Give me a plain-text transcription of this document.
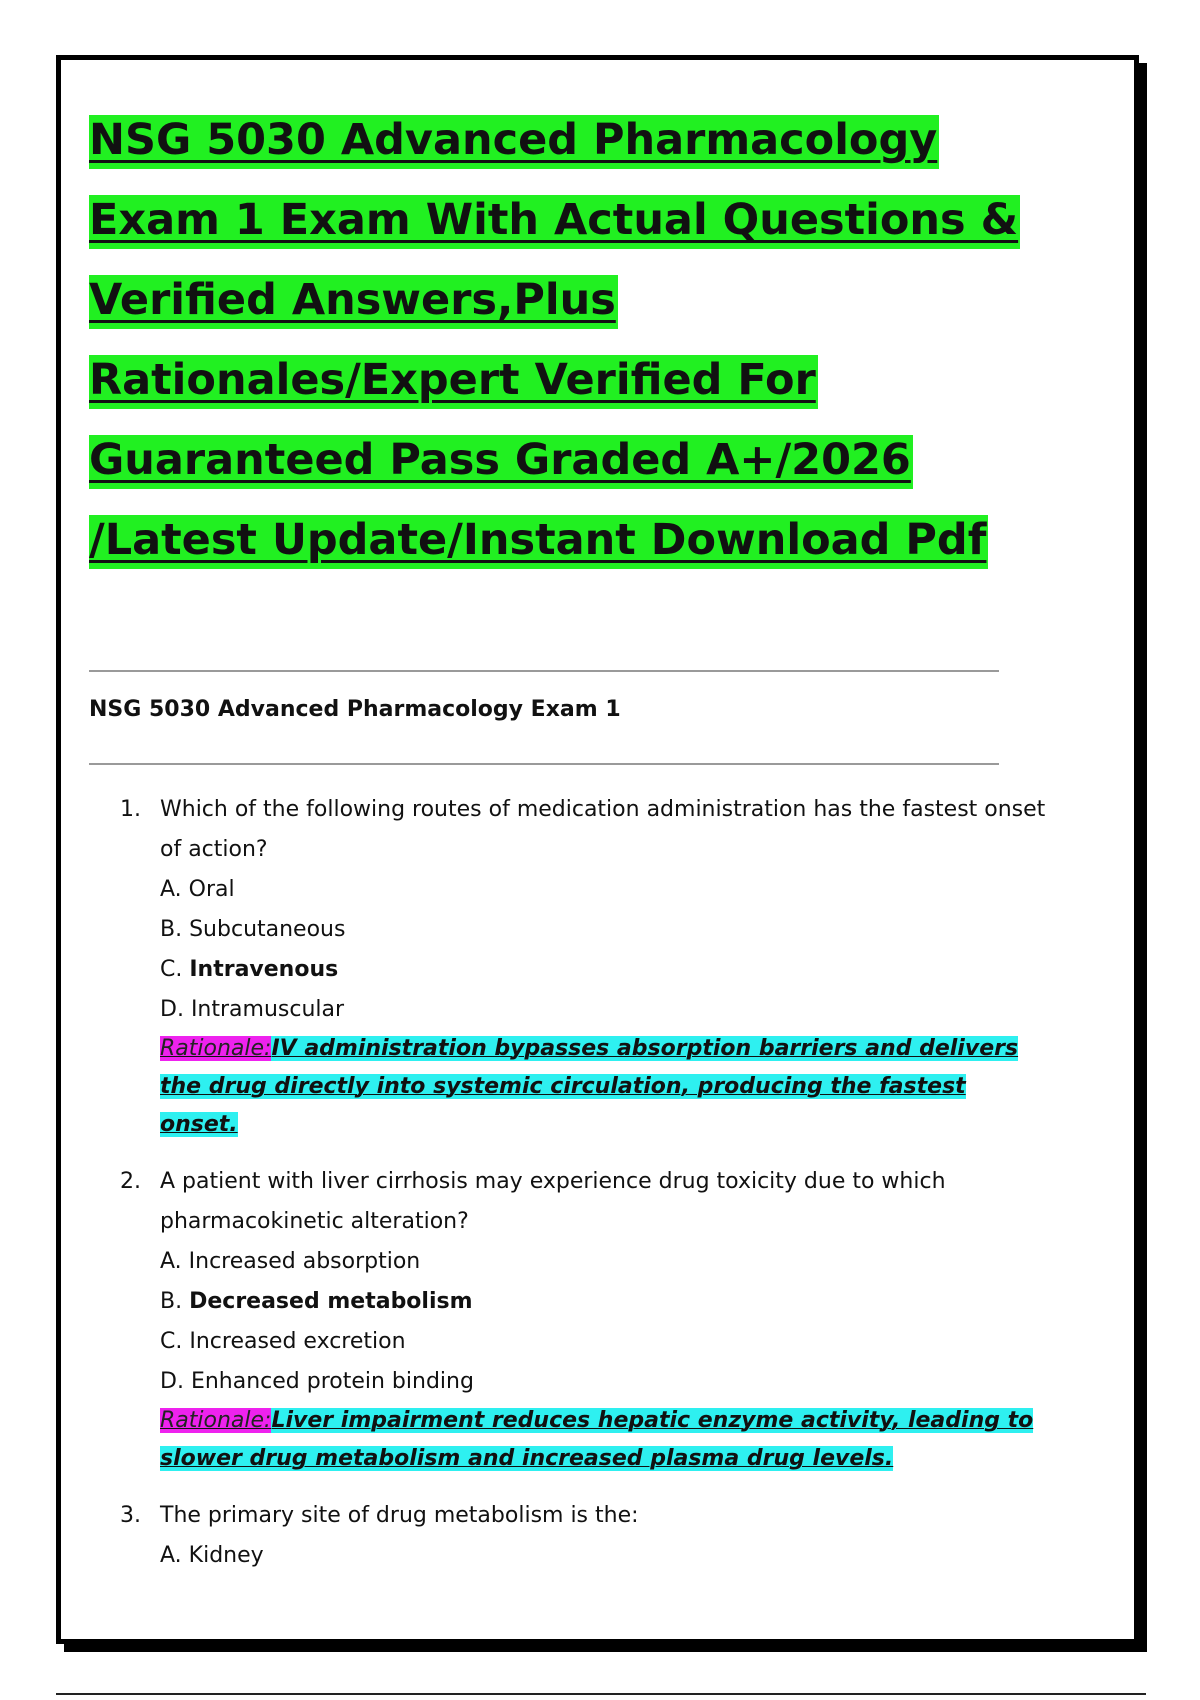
NSG 5030 Advanced Pharmacology
Exam 1 Exam With Actual Questions &
Verified Answers,Plus
Rationales/Expert Verified For
Guaranteed Pass Graded A+/2026
/Latest Update/Instant Download Pdf
NSG 5030 Advanced Pharmacology Exam 1
1. Which of the following routes of medication administration has the fastest onset of action?
A. Oral
B. Subcutaneous
C. Intravenous
D. Intramuscular
Rationale:IV administration bypasses absorption barriers and delivers the drug directly into systemic circulation, producing the fastest onset.
2. A patient with liver cirrhosis may experience drug toxicity due to which pharmacokinetic alteration?
A. Increased absorption
B. Decreased metabolism
C. Increased excretion
D. Enhanced protein binding
Rationale:Liver impairment reduces hepatic enzyme activity, leading to slower drug metabolism and increased plasma drug levels.
3. The primary site of drug metabolism is the:
A. Kidney
